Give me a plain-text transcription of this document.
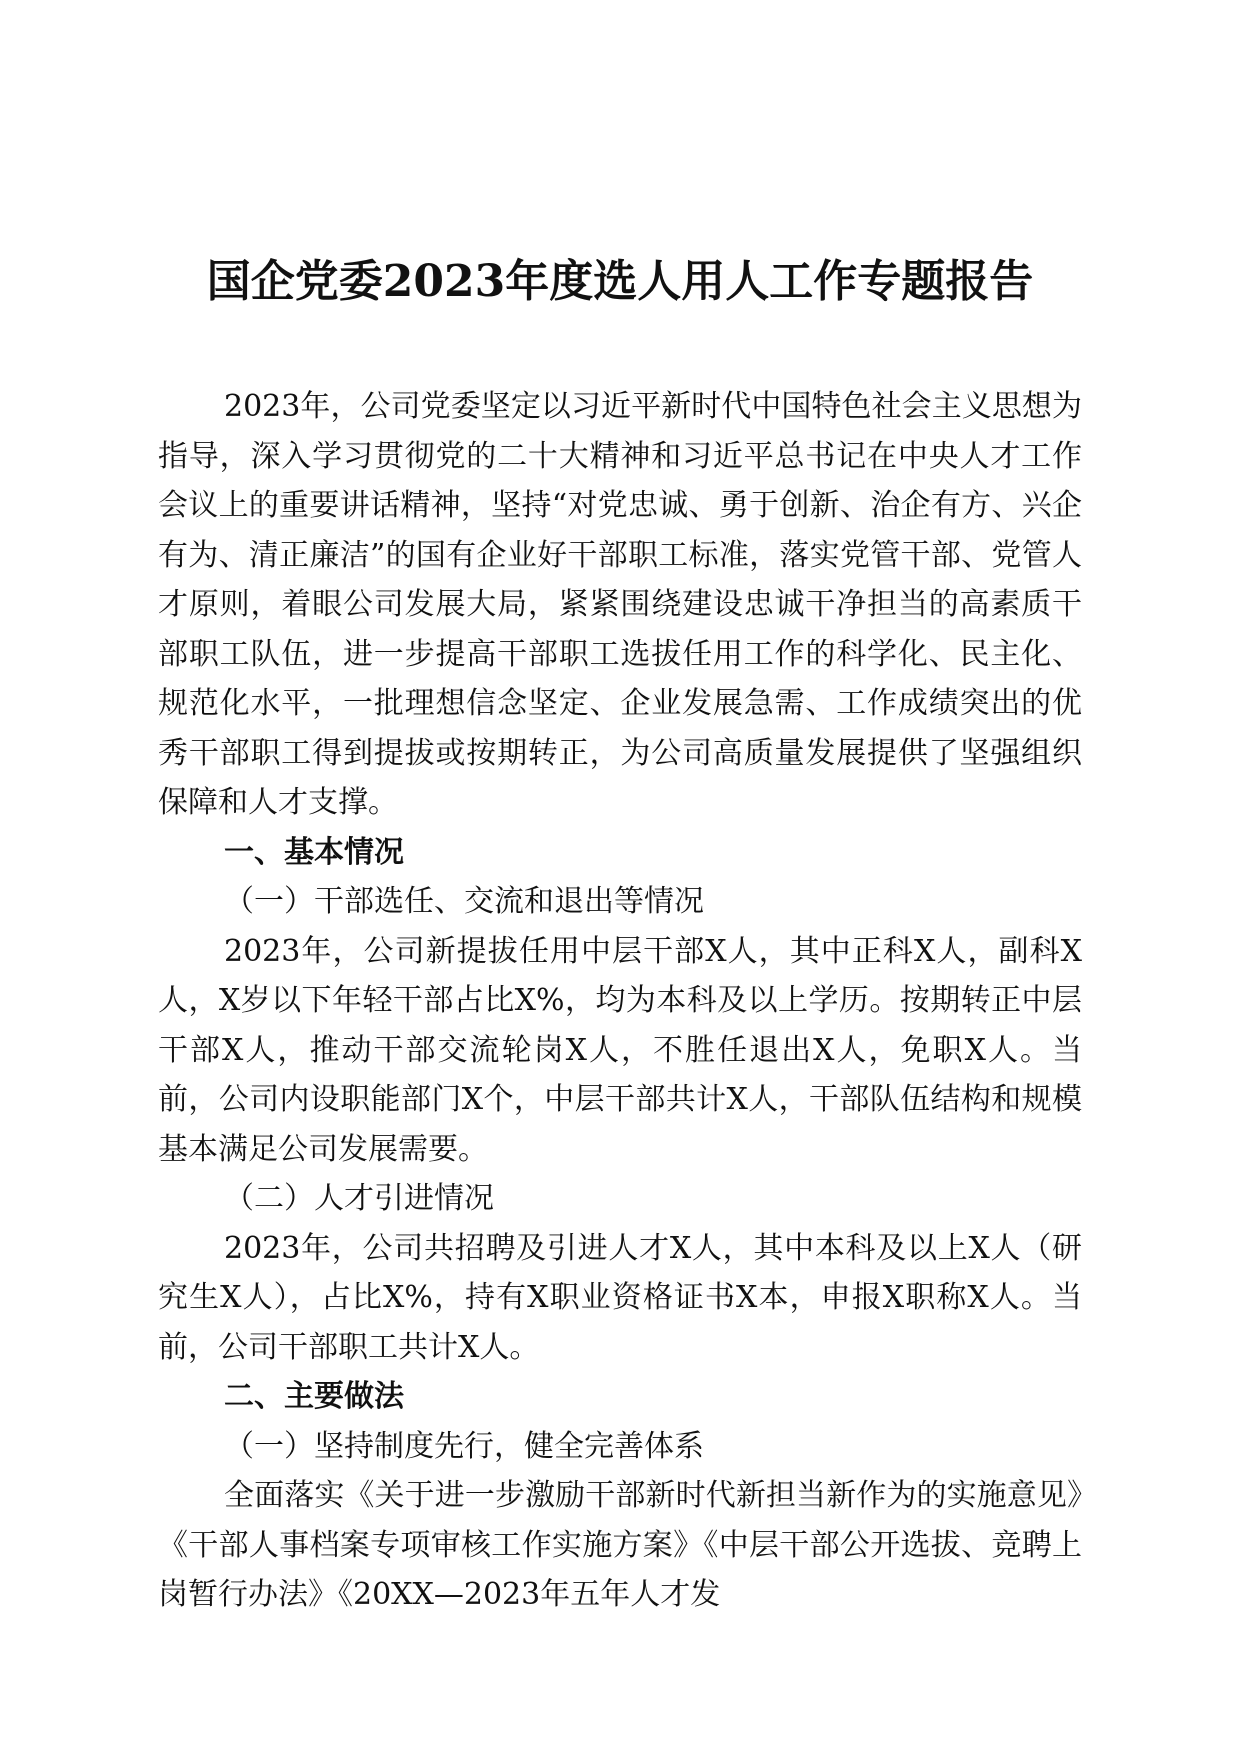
国企党委2023年度选人用人工作专题报告

2023年，公司党委坚定以习近平新时代中国特色社会主义思想为指导，深入学习贯彻党的二十大精神和习近平总书记在中央人才工作会议上的重要讲话精神，坚持“对党忠诚、勇于创新、治企有方、兴企有为、清正廉洁”的国有企业好干部职工标准，落实党管干部、党管人才原则，着眼公司发展大局，紧紧围绕建设忠诚干净担当的高素质干部职工队伍，进一步提高干部职工选拔任用工作的科学化、民主化、规范化水平，一批理想信念坚定、企业发展急需、工作成绩突出的优秀干部职工得到提拔或按期转正，为公司高质量发展提供了坚强组织保障和人才支撑。

一、基本情况

（一）干部选任、交流和退出等情况

2023年，公司新提拔任用中层干部X人，其中正科X人，副科X人，X岁以下年轻干部占比X%，均为本科及以上学历。按期转正中层干部X人，推动干部交流轮岗X人，不胜任退出X人，免职X人。当前，公司内设职能部门X个，中层干部共计X人，干部队伍结构和规模基本满足公司发展需要。

（二）人才引进情况

2023年，公司共招聘及引进人才X人，其中本科及以上X人（研究生X人），占比X%，持有X职业资格证书X本，申报X职称X人。当前，公司干部职工共计X人。

二、主要做法

（一）坚持制度先行，健全完善体系

全面落实《关于进一步激励干部新时代新担当新作为的实施意见》《干部人事档案专项审核工作实施方案》《中层干部公开选拔、竞聘上岗暂行办法》《20XX—2023年五年人才发
